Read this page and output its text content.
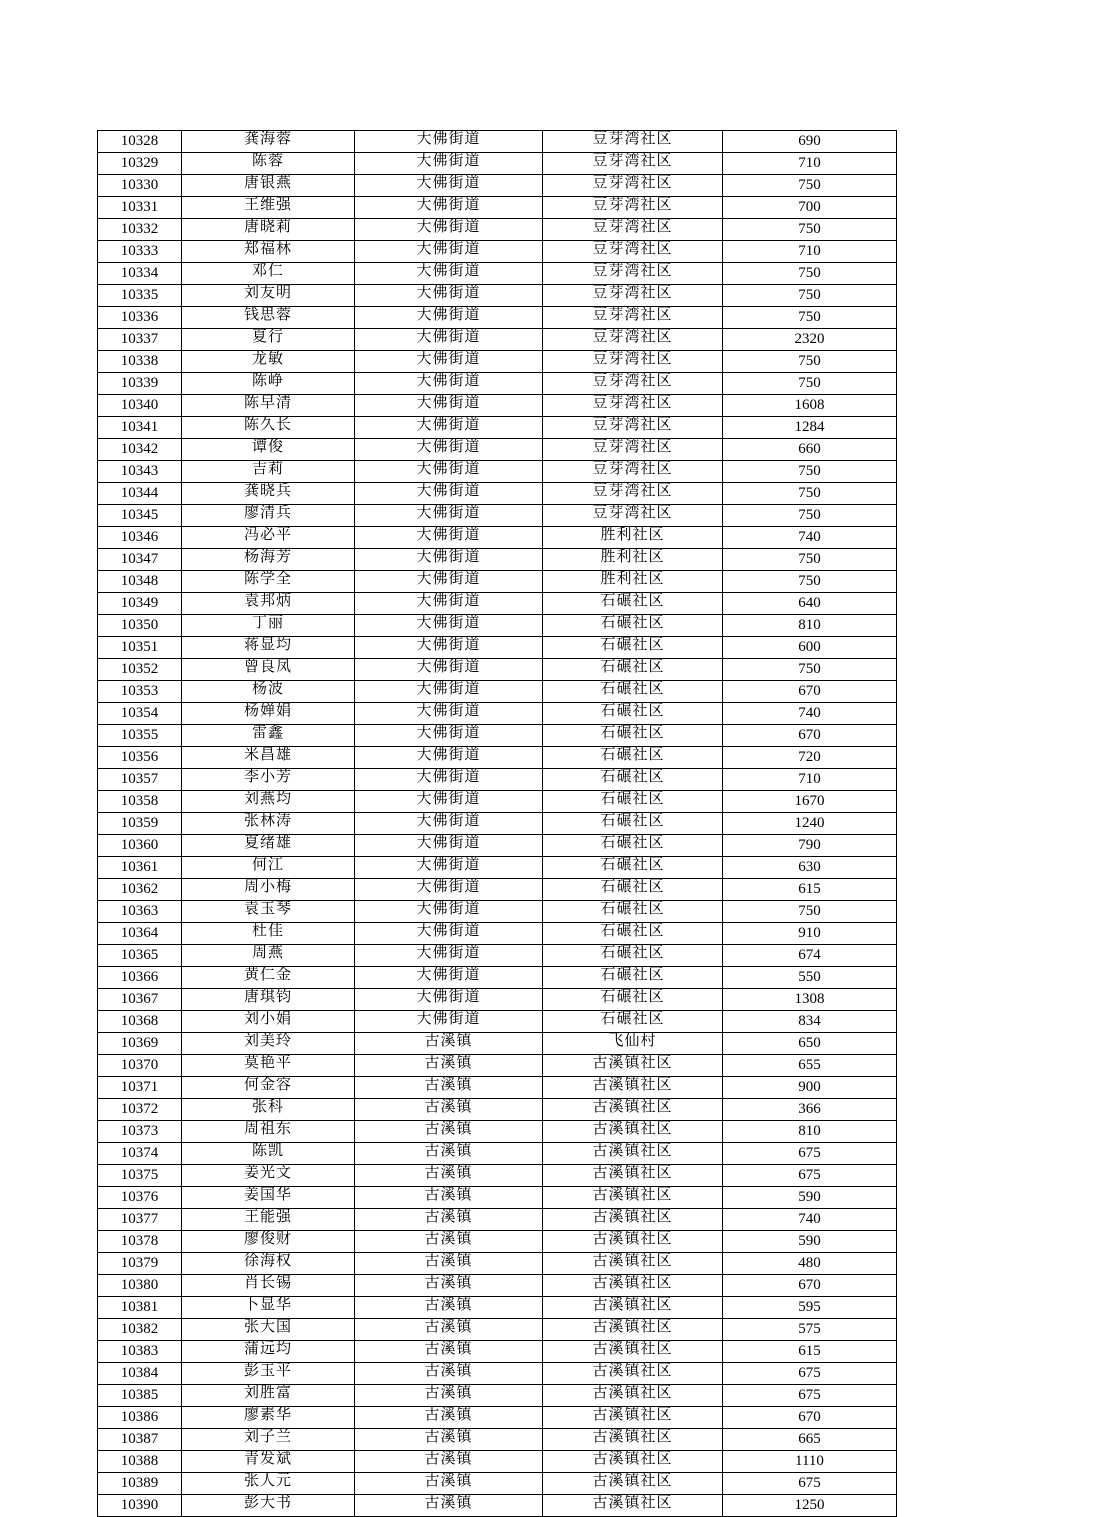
10328	龚海蓉	大佛街道	豆芽湾社区	690
10329	陈蓉	大佛街道	豆芽湾社区	710
10330	唐银燕	大佛街道	豆芽湾社区	750
10331	王维强	大佛街道	豆芽湾社区	700
10332	唐晓莉	大佛街道	豆芽湾社区	750
10333	郑福林	大佛街道	豆芽湾社区	710
10334	邓仁	大佛街道	豆芽湾社区	750
10335	刘友明	大佛街道	豆芽湾社区	750
10336	钱思蓉	大佛街道	豆芽湾社区	750
10337	夏行	大佛街道	豆芽湾社区	2320
10338	龙敏	大佛街道	豆芽湾社区	750
10339	陈峥	大佛街道	豆芽湾社区	750
10340	陈早清	大佛街道	豆芽湾社区	1608
10341	陈久长	大佛街道	豆芽湾社区	1284
10342	谭俊	大佛街道	豆芽湾社区	660
10343	吉莉	大佛街道	豆芽湾社区	750
10344	龚晓兵	大佛街道	豆芽湾社区	750
10345	廖清兵	大佛街道	豆芽湾社区	750
10346	冯必平	大佛街道	胜利社区	740
10347	杨海芳	大佛街道	胜利社区	750
10348	陈学全	大佛街道	胜利社区	750
10349	袁邦炳	大佛街道	石碾社区	640
10350	丁丽	大佛街道	石碾社区	810
10351	蒋显均	大佛街道	石碾社区	600
10352	曾良凤	大佛街道	石碾社区	750
10353	杨波	大佛街道	石碾社区	670
10354	杨婵娟	大佛街道	石碾社区	740
10355	雷鑫	大佛街道	石碾社区	670
10356	米昌雄	大佛街道	石碾社区	720
10357	李小芳	大佛街道	石碾社区	710
10358	刘燕均	大佛街道	石碾社区	1670
10359	张林涛	大佛街道	石碾社区	1240
10360	夏绪雄	大佛街道	石碾社区	790
10361	何江	大佛街道	石碾社区	630
10362	周小梅	大佛街道	石碾社区	615
10363	袁玉琴	大佛街道	石碾社区	750
10364	杜佳	大佛街道	石碾社区	910
10365	周燕	大佛街道	石碾社区	674
10366	黄仁金	大佛街道	石碾社区	550
10367	唐琪钧	大佛街道	石碾社区	1308
10368	刘小娟	大佛街道	石碾社区	834
10369	刘美玲	古溪镇	飞仙村	650
10370	莫艳平	古溪镇	古溪镇社区	655
10371	何金容	古溪镇	古溪镇社区	900
10372	张科	古溪镇	古溪镇社区	366
10373	周祖东	古溪镇	古溪镇社区	810
10374	陈凯	古溪镇	古溪镇社区	675
10375	姜光文	古溪镇	古溪镇社区	675
10376	姜国华	古溪镇	古溪镇社区	590
10377	王能强	古溪镇	古溪镇社区	740
10378	廖俊财	古溪镇	古溪镇社区	590
10379	徐海权	古溪镇	古溪镇社区	480
10380	肖长锡	古溪镇	古溪镇社区	670
10381	卜显华	古溪镇	古溪镇社区	595
10382	张大国	古溪镇	古溪镇社区	575
10383	蒲远均	古溪镇	古溪镇社区	615
10384	彭玉平	古溪镇	古溪镇社区	675
10385	刘胜富	古溪镇	古溪镇社区	675
10386	廖素华	古溪镇	古溪镇社区	670
10387	刘子兰	古溪镇	古溪镇社区	665
10388	青发斌	古溪镇	古溪镇社区	1110
10389	张人元	古溪镇	古溪镇社区	675
10390	彭大书	古溪镇	古溪镇社区	1250
